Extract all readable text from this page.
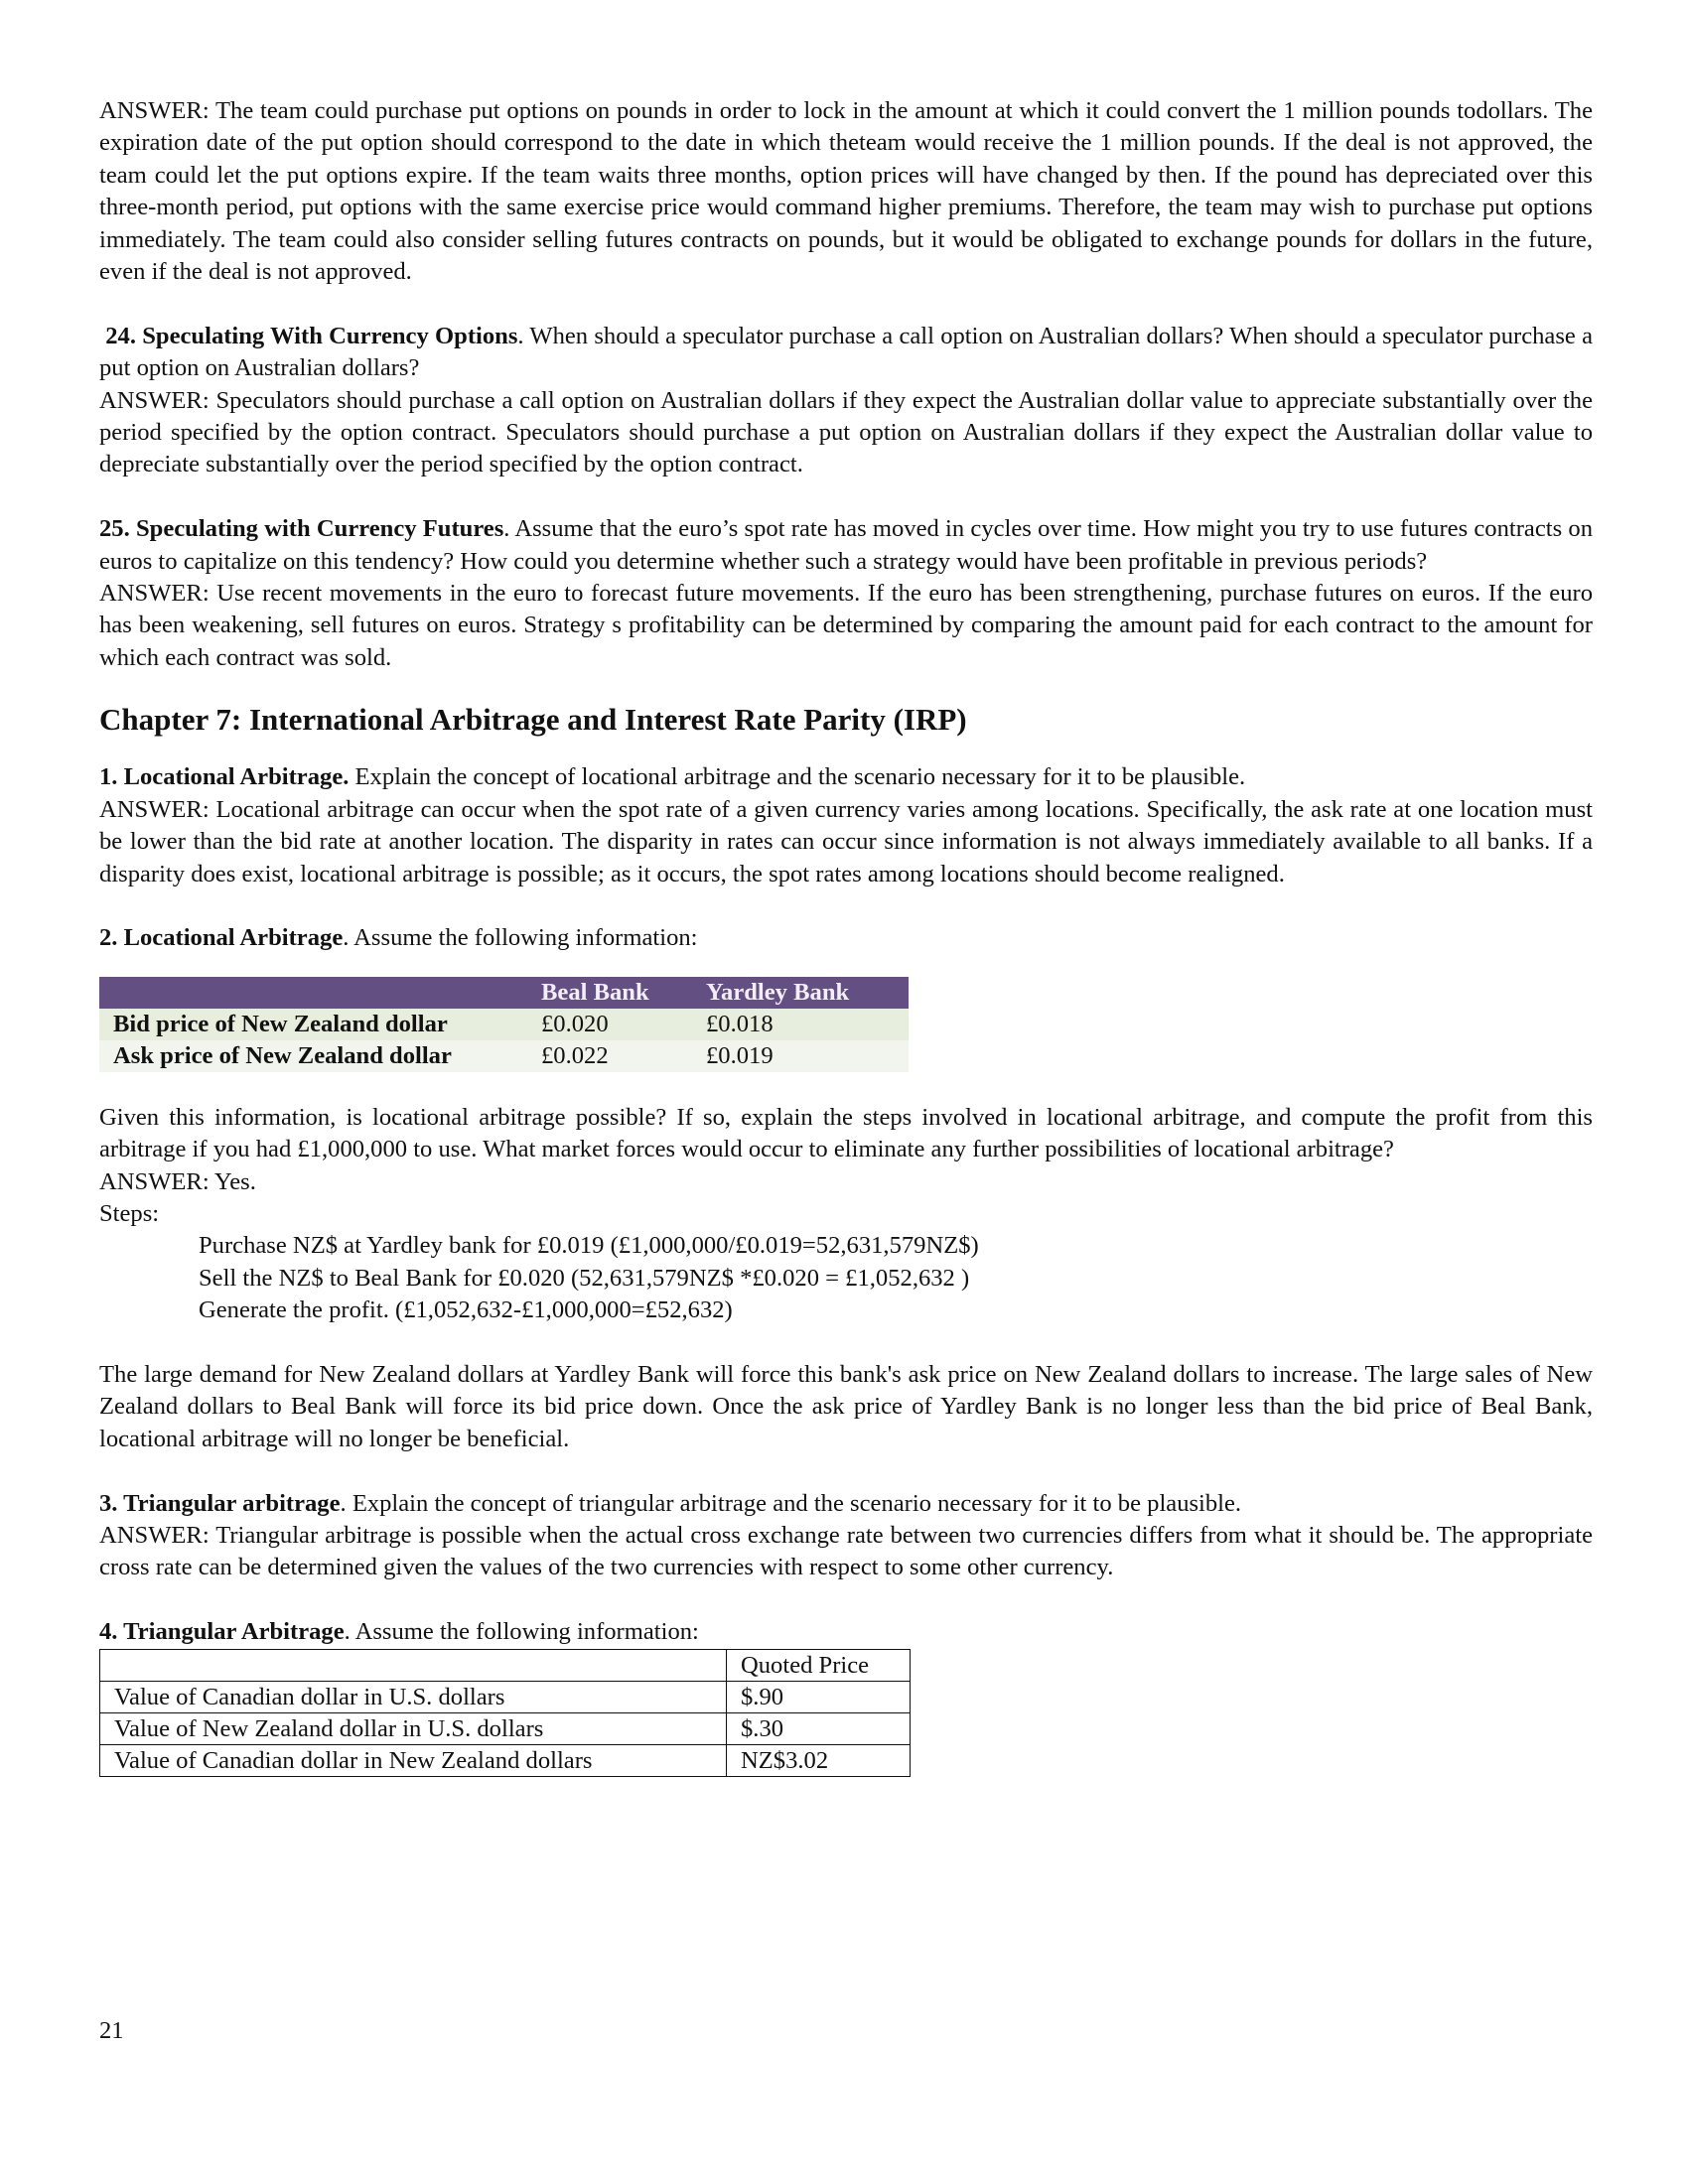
ANSWER: The team could purchase put options on pounds in order to lock in the amount at which it could convert the 1 million pounds todollars. The expiration date of the put option should correspond to the date in which theteam would receive the 1 million pounds. If the deal is not approved, the team could let the put options expire. If the team waits three months, option prices will have changed by then. If the pound has depreciated over this three-month period, put options with the same exercise price would command higher premiums. Therefore, the team may wish to purchase put options immediately. The team could also consider selling futures contracts on pounds, but it would be obligated to exchange pounds for dollars in the future, even if the deal is not approved.

24. Speculating With Currency Options. When should a speculator purchase a call option on Australian dollars? When should a speculator purchase a put option on Australian dollars?

ANSWER: Speculators should purchase a call option on Australian dollars if they expect the Australian dollar value to appreciate substantially over the period specified by the option contract. Speculators should purchase a put option on Australian dollars if they expect the Australian dollar value to depreciate substantially over the period specified by the option contract.

25. Speculating with Currency Futures. Assume that the euro’s spot rate has moved in cycles over time. How might you try to use futures contracts on euros to capitalize on this tendency? How could you determine whether such a strategy would have been profitable in previous periods?

ANSWER: Use recent movements in the euro to forecast future movements. If the euro has been strengthening, purchase futures on euros. If the euro has been weakening, sell futures on euros. Strategy s profitability can be determined by comparing the amount paid for each contract to the amount for which each contract was sold.

Chapter 7: International Arbitrage and Interest Rate Parity (IRP)

1. Locational Arbitrage. Explain the concept of locational arbitrage and the scenario necessary for it to be plausible.

ANSWER: Locational arbitrage can occur when the spot rate of a given currency varies among locations. Specifically, the ask rate at one location must be lower than the bid rate at another location. The disparity in rates can occur since information is not always immediately available to all banks. If a disparity does exist, locational arbitrage is possible; as it occurs, the spot rates among locations should become realigned.

2. Locational Arbitrage. Assume the following information:

	Beal Bank	Yardley Bank
Bid price of New Zealand dollar	£0.020	£0.018
Ask price of New Zealand dollar	£0.022	£0.019

Given this information, is locational arbitrage possible? If so, explain the steps involved in locational arbitrage, and compute the profit from this arbitrage if you had £1,000,000 to use. What market forces would occur to eliminate any further possibilities of locational arbitrage?

ANSWER: Yes.

Steps:

Purchase NZ$ at Yardley bank for £0.019 (£1,000,000/£0.019=52,631,579NZ$)

Sell the NZ$ to Beal Bank for £0.020 (52,631,579NZ$ *£0.020 = £1,052,632 )

Generate the profit. (£1,052,632-£1,000,000=£52,632)

The large demand for New Zealand dollars at Yardley Bank will force this bank's ask price on New Zealand dollars to increase. The large sales of New Zealand dollars to Beal Bank will force its bid price down. Once the ask price of Yardley Bank is no longer less than the bid price of Beal Bank, locational arbitrage will no longer be beneficial.

3. Triangular arbitrage. Explain the concept of triangular arbitrage and the scenario necessary for it to be plausible.

ANSWER: Triangular arbitrage is possible when the actual cross exchange rate between two currencies differs from what it should be. The appropriate cross rate can be determined given the values of the two currencies with respect to some other currency.

4. Triangular Arbitrage. Assume the following information:

	Quoted Price
Value of Canadian dollar in U.S. dollars	$.90
Value of New Zealand dollar in U.S. dollars	$.30
Value of Canadian dollar in New Zealand dollars	NZ$3.02
21
